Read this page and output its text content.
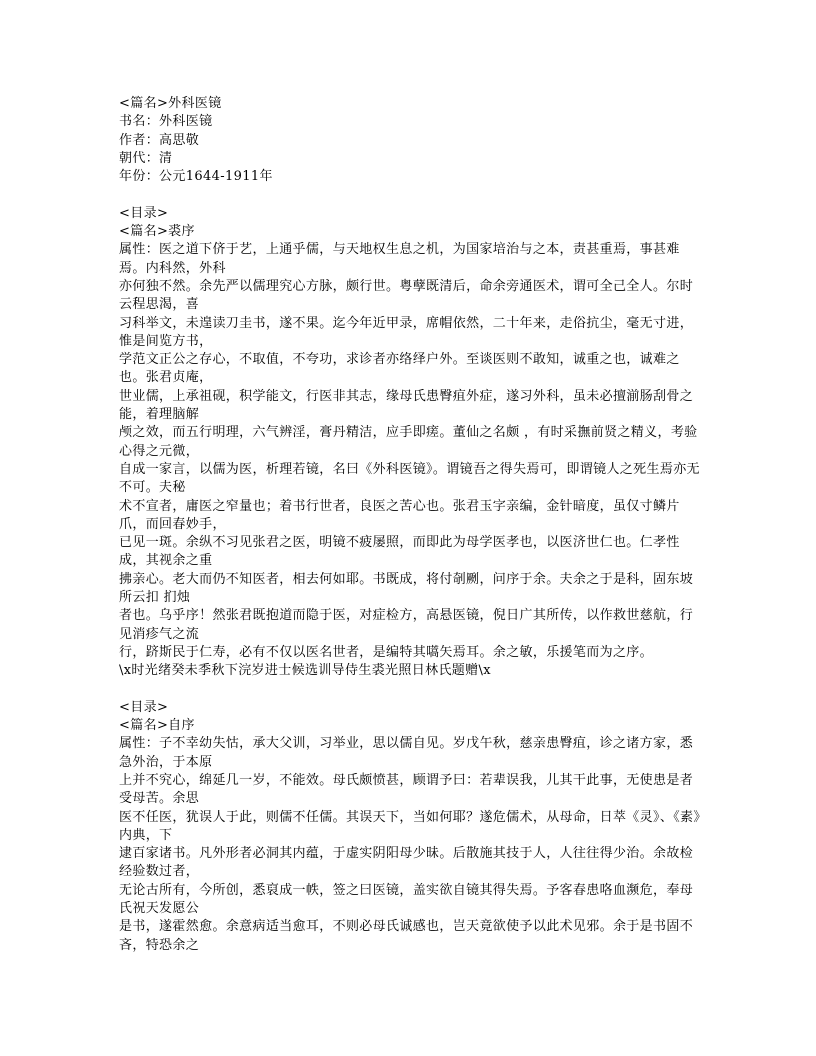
<篇名>外科医镜
书名：外科医镜
作者：高思敬
朝代：清
年份：公元1644-1911年
<目录>
<篇名>裘序
属性：医之道下侪于艺，上通乎儒，与天地权生息之机，为国家培治与之本，责甚重焉，事甚难焉。内科然，外科
亦何独不然。余先严以儒理究心方脉，颇行世。粤孽既清后，命余旁通医术，谓可全己全人。尔时云程思渴，喜
习科举文，未遑读刀圭书，遂不果。迄今年近甲录，席帽依然，二十年来，走俗抗尘，毫无寸进，惟是间览方书，
学范文正公之存心，不取值，不夸功，求诊者亦络绎户外。至谈医则不敢知，诚重之也，诚难之也。张君贞庵，
世业儒，上承祖砚，积学能文，行医非其志，缘母氏患臀疽外症，遂习外科，虽未必擅湔肠刮骨之能，着理脑解
颅之效，而五行明理，六气辨淫，膏丹精洁，应手即瘥。董仙之名颇 ，有时采撫前贤之精义，考验心得之元微，
自成一家言，以儒为医，析理若镜，名曰《外科医镜》。谓镜吾之得失焉可，即谓镜人之死生焉亦无不可。夫秘
术不宣者，庸医之窄量也；着书行世者，良医之苦心也。张君玉字亲编，金针暗度，虽仅寸鳞片爪，而回春妙手，
已见一斑。余纵不习见张君之医，明镜不疲屡照，而即此为母学医孝也，以医济世仁也。仁孝性成，其视余之重
拂亲心。老大而仍不知医者，相去何如耶。书既成，将付剞劂，问序于余。夫余之于是科，固东坡所云扣 扪烛
者也。乌乎序！然张君既抱道而隐于医，对症检方，高悬医镜，倪日广其所传，以作救世慈航，行见消疹气之流
行，跻斯民于仁寿，必有不仅以医名世者，是编特其嚆矢焉耳。余之敏，乐援笔而为之序。
\x时光绪癸未季秋下浣岁进士候选训导侍生裘光照日林氏题赠\x
<目录>
<篇名>自序
属性：子不幸幼失怙，承大父训，习举业，思以儒自见。岁戊午秋，慈亲患臀疽，诊之诸方家，悉急外治，于本原
上并不究心，绵延几一岁，不能效。母氏颇愤甚，顾谓予曰：若辈误我，儿其干此事，无使患是者受母苦。余思
医不任医，犹误人于此，则儒不任儒。其误天下，当如何耶？遂危儒术，从母命，日萃《灵》、《素》内典，下
逮百家诸书。凡外形者必洞其内蕴，于虚实阴阳母少昧。后散施其技于人，人往往得少治。余故检经验数过者，
无论古所有，今所创，悉裒成一帙，签之曰医镜，盖实欲自镜其得失焉。予客春患咯血濒危，奉母氏祝天发愿公
是书，遂霍然愈。余意病适当愈耳，不则必母氏诚感也，岂天竟欲使予以此术见邪。余于是书固不吝，特恐余之
